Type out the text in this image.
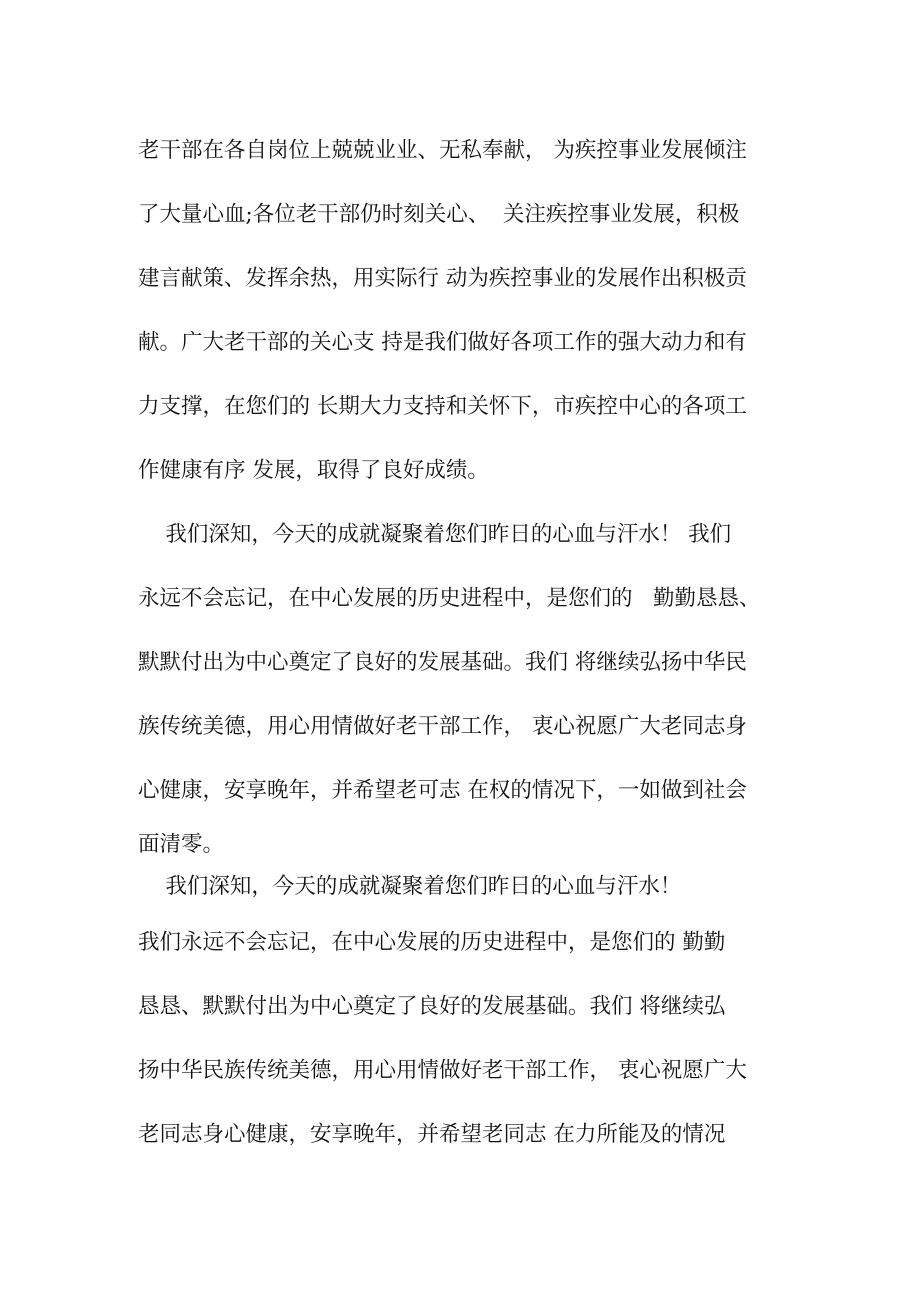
老干部在各自岗位上兢兢业业、无私奉献， 为疾控事业发展倾注
了大量心血;各位老干部仍时刻关心、  关注疾控事业发展，积极
建言献策、发挥余热，用实际行 动为疾控事业的发展作出积极贡
献。广大老干部的关心支 持是我们做好各项工作的强大动力和有
力支撑，在您们的 长期大力支持和关怀下，市疾控中心的各项工
作健康有序 发展，取得了良好成绩。
我们深知，今天的成就凝聚着您们昨日的心血与汗水！ 我们
永远不会忘记，在中心发展的历史进程中，是您们的   勤勤恳恳、
默默付出为中心奠定了良好的发展基础。我们 将继续弘扬中华民
族传统美德，用心用情做好老干部工作， 衷心祝愿广大老同志身
心健康，安享晚年，并希望老可志 在权的情况下，一如做到社会
面清零。
我们深知，今天的成就凝聚着您们昨日的心血与汗水！
我们永远不会忘记，在中心发展的历史进程中，是您们的 勤勤
恳恳、默默付出为中心奠定了良好的发展基础。我们 将继续弘
扬中华民族传统美德，用心用情做好老干部工作， 衷心祝愿广大
老同志身心健康，安享晚年，并希望老同志 在力所能及的情况
